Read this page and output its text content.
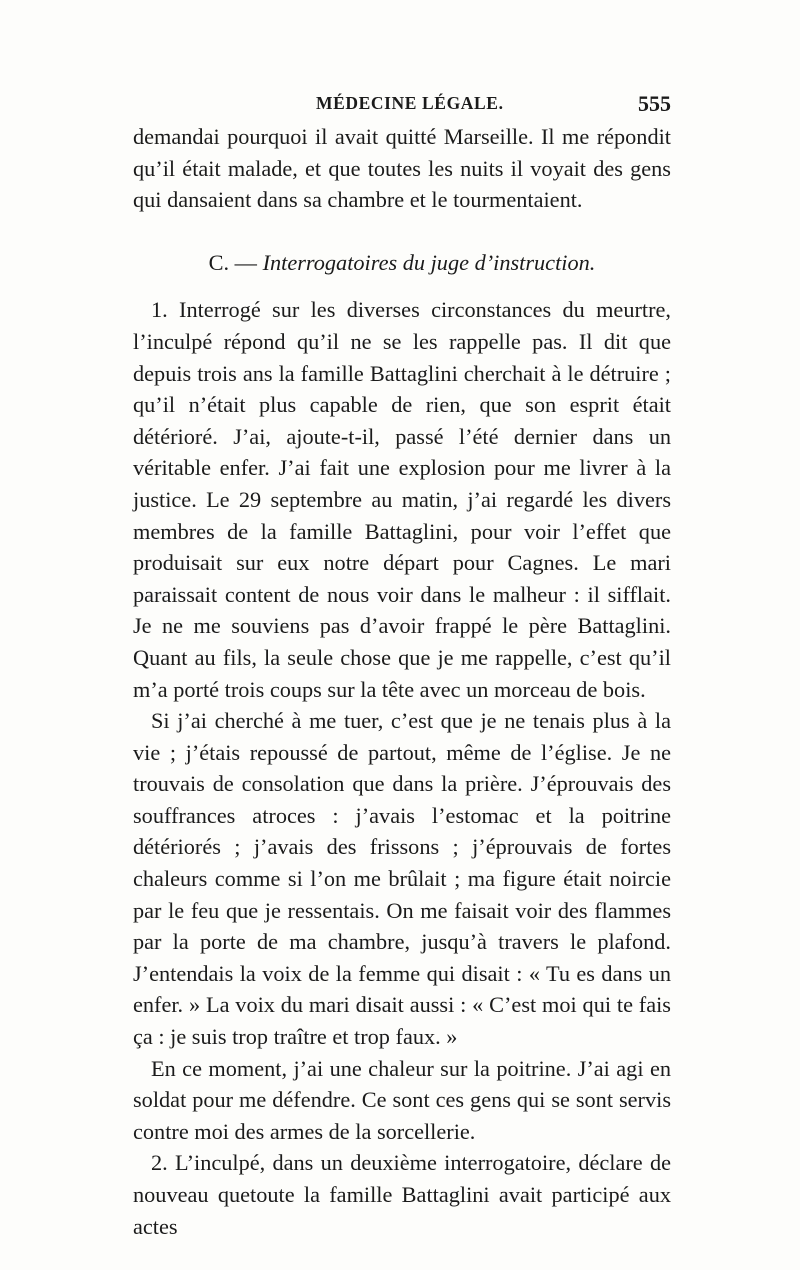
MÉDECINE LÉGALE.	555

demandai pourquoi il avait quitté Marseille. Il me répondit qu’il était malade, et que toutes les nuits il voyait des gens qui dansaient dans sa chambre et le tourmentaient.

C. — Interrogatoires du juge d’instruction.

1. Interrogé sur les diverses circonstances du meurtre, l’inculpé répond qu’il ne se les rappelle pas. Il dit que depuis trois ans la famille Battaglini cherchait à le détruire ; qu’il n’était plus capable de rien, que son esprit était détérioré. J’ai, ajoute-t-il, passé l’été dernier dans un véritable enfer. J’ai fait une explosion pour me livrer à la justice. Le 29 septembre au matin, j’ai regardé les divers membres de la famille Battaglini, pour voir l’effet que produisait sur eux notre départ pour Cagnes. Le mari paraissait content de nous voir dans le malheur : il sifflait. Je ne me souviens pas d’avoir frappé le père Battaglini. Quant au fils, la seule chose que je me rappelle, c’est qu’il m’a porté trois coups sur la tête avec un morceau de bois.

Si j’ai cherché à me tuer, c’est que je ne tenais plus à la vie ; j’étais repoussé de partout, même de l’église. Je ne trouvais de consolation que dans la prière. J’éprouvais des souffrances atroces : j’avais l’estomac et la poitrine détériorés ; j’avais des frissons ; j’éprouvais de fortes chaleurs comme si l’on me brûlait ; ma figure était noircie par le feu que je ressentais. On me faisait voir des flammes par la porte de ma chambre, jusqu’à travers le plafond. J’entendais la voix de la femme qui disait : « Tu es dans un enfer. » La voix du mari disait aussi : « C’est moi qui te fais ça : je suis trop traître et trop faux. »

En ce moment, j’ai une chaleur sur la poitrine. J’ai agi en soldat pour me défendre. Ce sont ces gens qui se sont servis contre moi des armes de la sorcellerie.

2. L’inculpé, dans un deuxième interrogatoire, déclare de nouveau quetoute la famille Battaglini avait participé aux actes
